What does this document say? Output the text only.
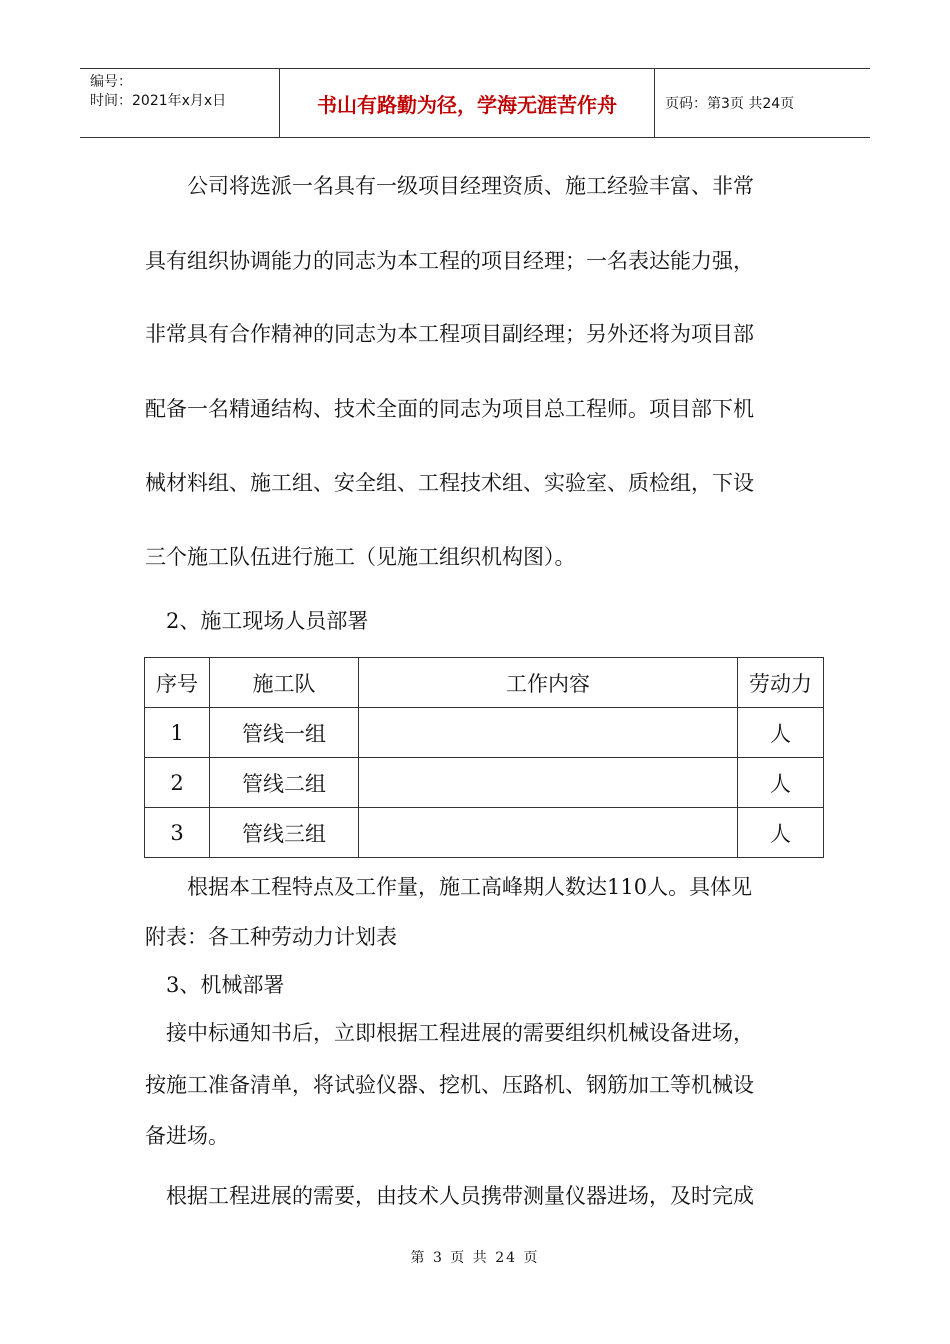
编号：
时间：2021年x月x日	书山有路勤为径，学海无涯苦作舟	页码：第3页 共24页
　　公司将选派一名具有一级项目经理资质、施工经验丰富、非常
具有组织协调能力的同志为本工程的项目经理；一名表达能力强，
非常具有合作精神的同志为本工程项目副经理；另外还将为项目部
配备一名精通结构、技术全面的同志为项目总工程师。项目部下机
械材料组、施工组、安全组、工程技术组、实验室、质检组，下设
三个施工队伍进行施工（见施工组织机构图）。
　2、施工现场人员部署
序号	施工队	工作内容	劳动力
1	管线一组		人
2	管线二组		人
3	管线三组		人
　　根据本工程特点及工作量，施工高峰期人数达110人。具体见
附表：各工种劳动力计划表
　3、机械部署
　接中标通知书后，立即根据工程进展的需要组织机械设备进场，
按施工准备清单，将试验仪器、挖机、压路机、钢筋加工等机械设
备进场。
　根据工程进展的需要，由技术人员携带测量仪器进场，及时完成
第 3 页 共 24 页
